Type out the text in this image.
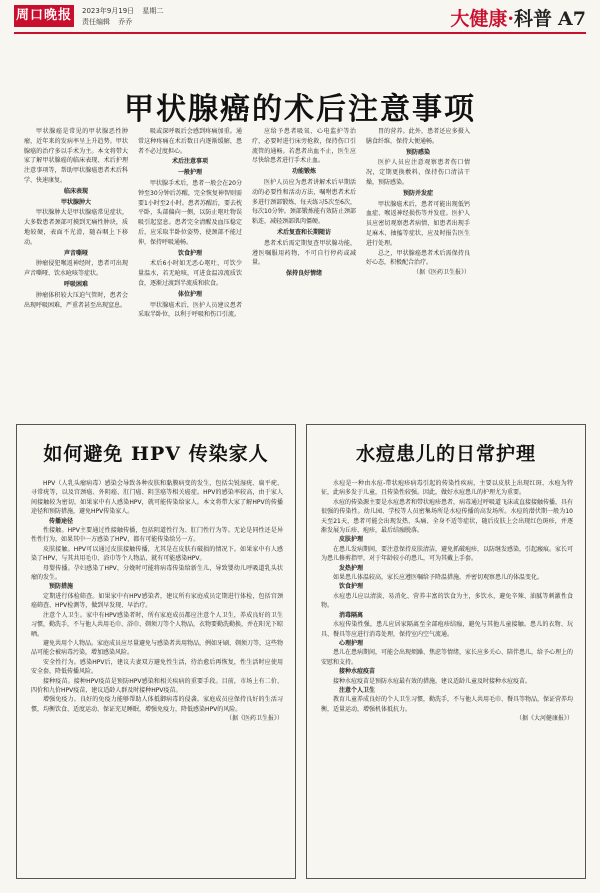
周口晚报 2023年9月19日 星期二
责任编辑 乔乔	大健康·科普 A7
甲状腺癌的术后注意事项

甲状腺癌是常见的甲状腺恶性肿瘤，近年来的发病率呈上升趋势。甲状腺癌的治疗多以手术为主。本文将带大家了解甲状腺癌的临床表现、术后护理注意事项等，帮助甲状腺癌患者术后科学、快速康复。

临床表现

甲状腺肿大

甲状腺肿大是甲状腺癌常见症状，大多数患者颈部可摸到无痛性肿块，质地较硬，表面不光滑，随吞咽上下移动。

声音嘶哑

肿瘤侵犯喉返神经时，患者可出现声音嘶哑、饮水呛咳等症状。

呼吸困难

肿瘤体积较大压迫气管时，患者会出现呼吸困难，严重者甚至出现窒息。

吸或深呼吸后会感到疼痛加重。通常这种疼痛在术后数日内逐渐缓解，患者不必过度担心。

术后注意事项

一般护理

甲状腺手术后，患者一般会在20分钟至30分钟后苏醒，完全恢复神智则需要1小时至2小时。患者苏醒后，要去枕平卧，头部偏向一侧，以防止呕吐物误吸引起窒息。患者完全清醒及血压稳定后，应采取半卧位姿势，使颈部不能过伸，保持呼吸通畅。

饮食护理

术后6小时如无恶心呕吐，可饮少量温水，若无呛咳，可进食温凉流质饮食，逐渐过渡到半流质和软食。

体位护理

甲状腺癌术后，医护人员建议患者采取半卧位，以利于呼吸和伤口引流。

应给予患者吸氧、心电监护等治疗，必要时进行床旁抢救，保持伤口引流管的通畅。若患者出血不止，医生应尽快给患者进行手术止血。

功能锻炼

医护人员应为患者讲解术后早期活动的必要性和活动方法，嘱咐患者术后多进行颈部锻炼，每天练习5次至6次，每次10分钟。颈部锻炼能有效防止颈部粘连，减轻颈部肌肉僵硬。

术后复查和长期随访

患者术后需定期复查甲状腺功能，遵医嘱服用药物，不可自行停药或减量。

保持良好情绪

胃的营养。此外，患者还应多摄入膳食纤维，保持大便通畅。

预防感染

医护人员应注意观察患者伤口情况，定期更换敷料，保持伤口清洁干燥，预防感染。

预防并发症

甲状腺癌术后，患者可能出现低钙血症、喉返神经损伤等并发症。医护人员应密切观察患者病情，如患者出现手足麻木、抽搐等症状，应及时报告医生进行处理。

总之，甲状腺癌患者术后需保持良好心态，积极配合治疗。

（据《医药卫生报》）

如何避免 HPV 传染家人

HPV（人乳头瘤病毒）感染会导致各种皮肤和黏膜病变的发生，包括尖锐湿疣、扁平疣、寻常疣等，以及宫颈癌、外阴癌、肛门癌、阴茎癌等相关癌症。HPV的感染率较高，由于家人间接触较为密切，如果家中有人感染HPV，就可能传染给家人。本文将带大家了解HPV的传播途径和预防措施，避免HPV传染家人。

传播途径

性接触。HPV主要通过性接触传播，包括阴道性行为、肛门性行为等。无论是同性还是异性性行为，如果其中一方感染了HPV，都有可能传染给另一方。

皮肤接触。HPV可以通过皮肤接触传播，尤其是在皮肤有破损的情况下。如果家中有人感染了HPV，与其共用毛巾、浴巾等个人物品，就有可能感染HPV。

母婴传播。孕妇感染了HPV，分娩时可能将病毒传染给新生儿，导致婴幼儿呼吸道乳头状瘤的发生。

预防措施

定期进行体检筛查。如果家中有HPV感染者，建议所有家庭成员定期进行体检，包括宫颈癌筛查、HPV检测等，做到早发现、早治疗。

注意个人卫生。家中有HPV感染者时，所有家庭成员都应注意个人卫生，养成良好的卫生习惯，勤洗手，不与他人共用毛巾、浴巾、剃须刀等个人物品，衣物要勤洗勤换，并在阳光下晾晒。

避免共用个人物品。家庭成员应尽量避免与感染者共用物品，例如牙刷、剃须刀等，这些物品可能会被病毒污染，增加感染风险。

安全性行为。感染HPV后，建议夫妻双方避免性生活，待治愈后再恢复，性生活时应使用安全套，降低传播风险。

接种疫苗。接种HPV疫苗是预防HPV感染和相关疾病的重要手段。目前，市场上有二价、四价和九价HPV疫苗，建议适龄人群及时接种HPV疫苗。

增强免疫力。良好的免疫力能够帮助人体抵御病毒的侵袭。家庭成员应保持良好的生活习惯，均衡饮食、适度运动、保证充足睡眠，增强免疫力，降低感染HPV的风险。

（据《医药卫生报》）

水痘患儿的日常护理

水痘是一种由水痘-带状疱疹病毒引起的传染性疾病，主要以皮肤上出现红斑、水疱为特征，此病多发于儿童，且传染性较强。因此，做好水痘患儿的护理尤为重要。

水痘的传染源主要是水痘患者和带状疱疹患者，病毒通过呼吸道飞沫或直接接触传播，具有很强的传染性。幼儿园、学校等人员密集场所是水痘传播的高发场所。水痘的潜伏期一般为10天至21天，患者可能会出现发热、头痛、全身不适等症状，随后皮肤上会出现红色斑疹，并逐渐发展为丘疹、疱疹，最后结痂脱落。

皮肤护理

在患儿发病期间，要注意保持皮肤清洁，避免抓破疱疹，以防继发感染，引起瘢痕。家长可为患儿修剪指甲，对于年龄较小的患儿，可为其戴上手套。

发热护理

如果患儿体温较高，家长应遵医嘱给予降温措施，并密切观察患儿的体温变化。

饮食护理

水痘患儿应以清淡、易消化、营养丰富的饮食为主，多饮水，避免辛辣、油腻等刺激性食物。

消毒隔离

水痘传染性强，患儿应居家隔离至全部疱疹结痂，避免与其他儿童接触。患儿的衣物、玩具、餐具等应进行消毒处理，保持室内空气流通。

心理护理

患儿在患病期间，可能会出现烦躁、焦虑等情绪，家长应多关心、陪伴患儿，给予心理上的安慰和支持。

接种水痘疫苗

接种水痘疫苗是预防水痘最有效的措施，建议适龄儿童及时接种水痘疫苗。

注意个人卫生

教育儿童养成良好的个人卫生习惯，勤洗手，不与他人共用毛巾、餐具等物品，保证营养均衡，适量运动，增强机体抵抗力。

（据《大河健康报》）
